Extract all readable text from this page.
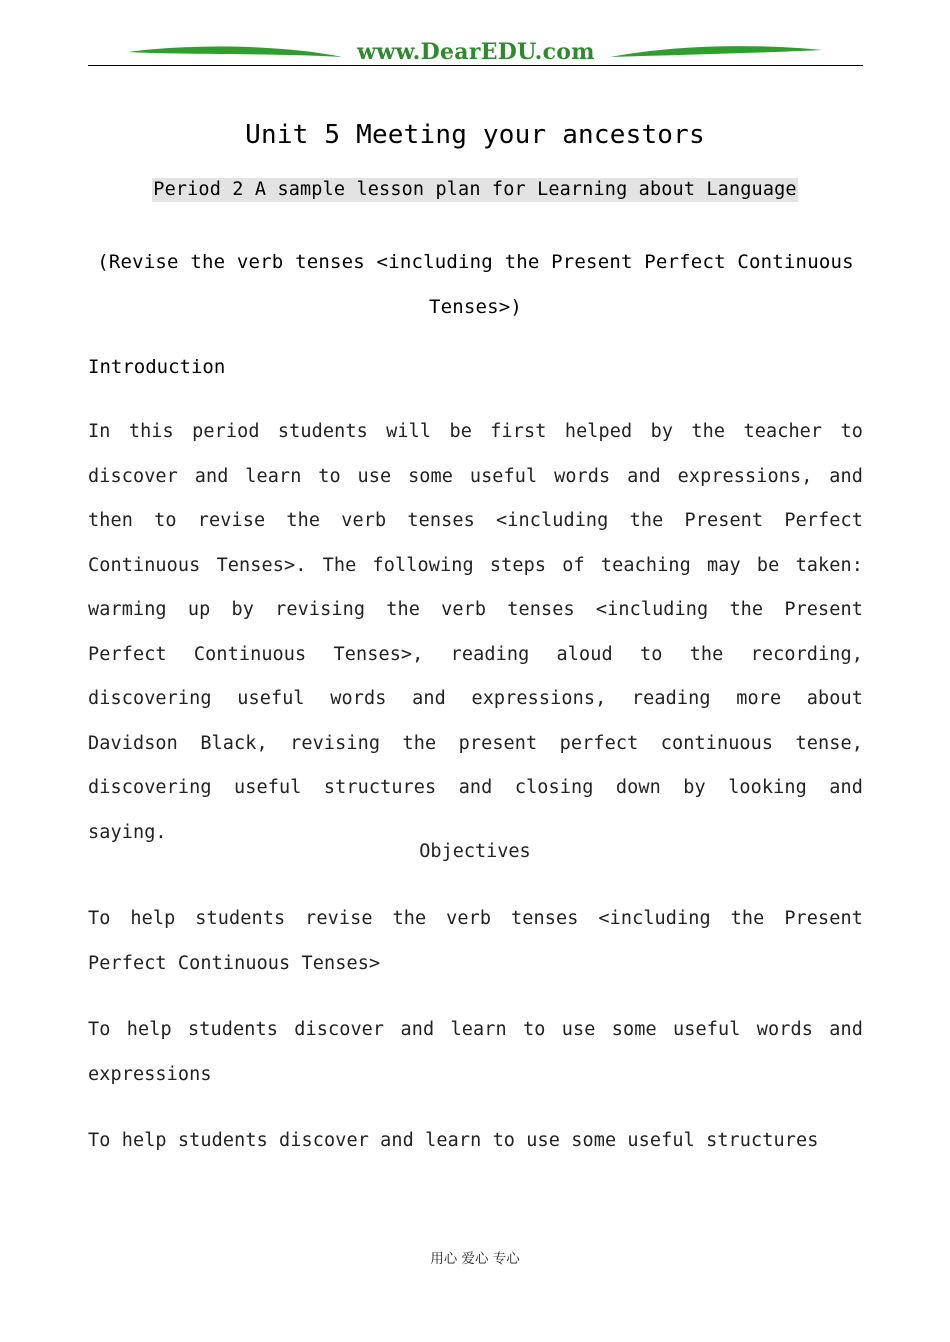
www.DearEDU.com
Unit 5 Meeting your ancestors
Period 2 A sample lesson plan for Learning about Language
(Revise the verb tenses <including the Present Perfect Continuous Tenses>)
Introduction
In this period students will be first helped by the teacher to discover and learn to use some useful words and expressions, and then to revise the verb tenses <including the Present Perfect Continuous Tenses>. The following steps of teaching may be taken: warming up by revising the verb tenses <including the Present Perfect Continuous Tenses>, reading aloud to the recording, discovering useful words and expressions, reading more about Davidson Black, revising the present perfect continuous tense, discovering useful structures and closing down by looking and saying.
Objectives
To help students revise the verb tenses <including the Present Perfect Continuous Tenses>
To help students discover and learn to use some useful words and expressions
To help students discover and learn to use some useful structures
用心 爱心 专心
